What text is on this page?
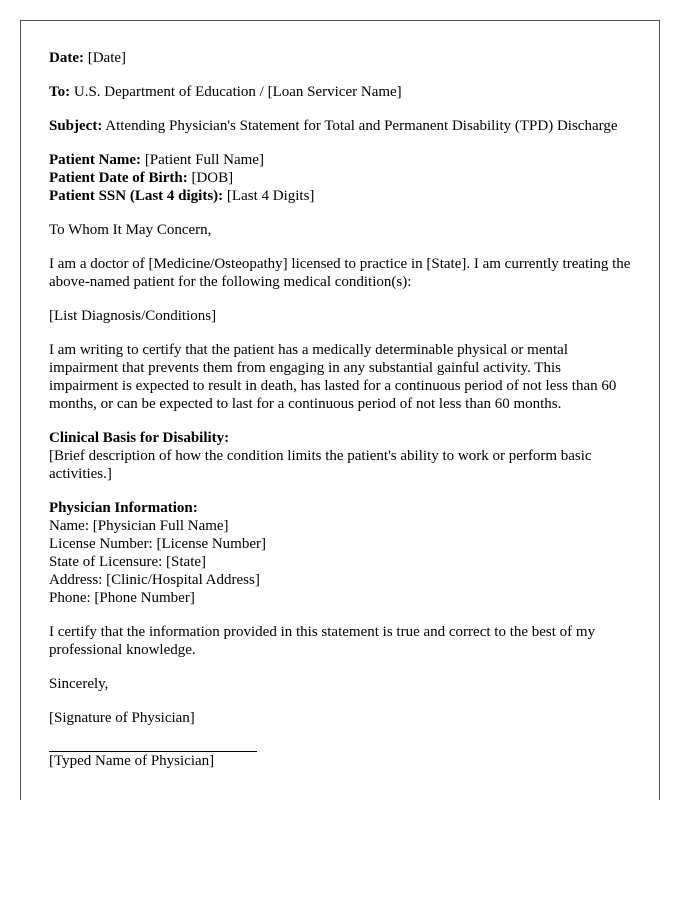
Date: [Date]

To: U.S. Department of Education / [Loan Servicer Name]

Subject: Attending Physician's Statement for Total and Permanent Disability (TPD) Discharge

Patient Name: [Patient Full Name]
Patient Date of Birth: [DOB]
Patient SSN (Last 4 digits): [Last 4 Digits]

To Whom It May Concern,

I am a doctor of [Medicine/Osteopathy] licensed to practice in [State]. I am currently treating the above-named patient for the following medical condition(s):

[List Diagnosis/Conditions]

I am writing to certify that the patient has a medically determinable physical or mental impairment that prevents them from engaging in any substantial gainful activity. This impairment is expected to result in death, has lasted for a continuous period of not less than 60 months, or can be expected to last for a continuous period of not less than 60 months.

Clinical Basis for Disability:
[Brief description of how the condition limits the patient's ability to work or perform basic activities.]

Physician Information:
Name: [Physician Full Name]
License Number: [License Number]
State of Licensure: [State]
Address: [Clinic/Hospital Address]
Phone: [Phone Number]

I certify that the information provided in this statement is true and correct to the best of my professional knowledge.

Sincerely,

[Signature of Physician]

[Typed Name of Physician]
